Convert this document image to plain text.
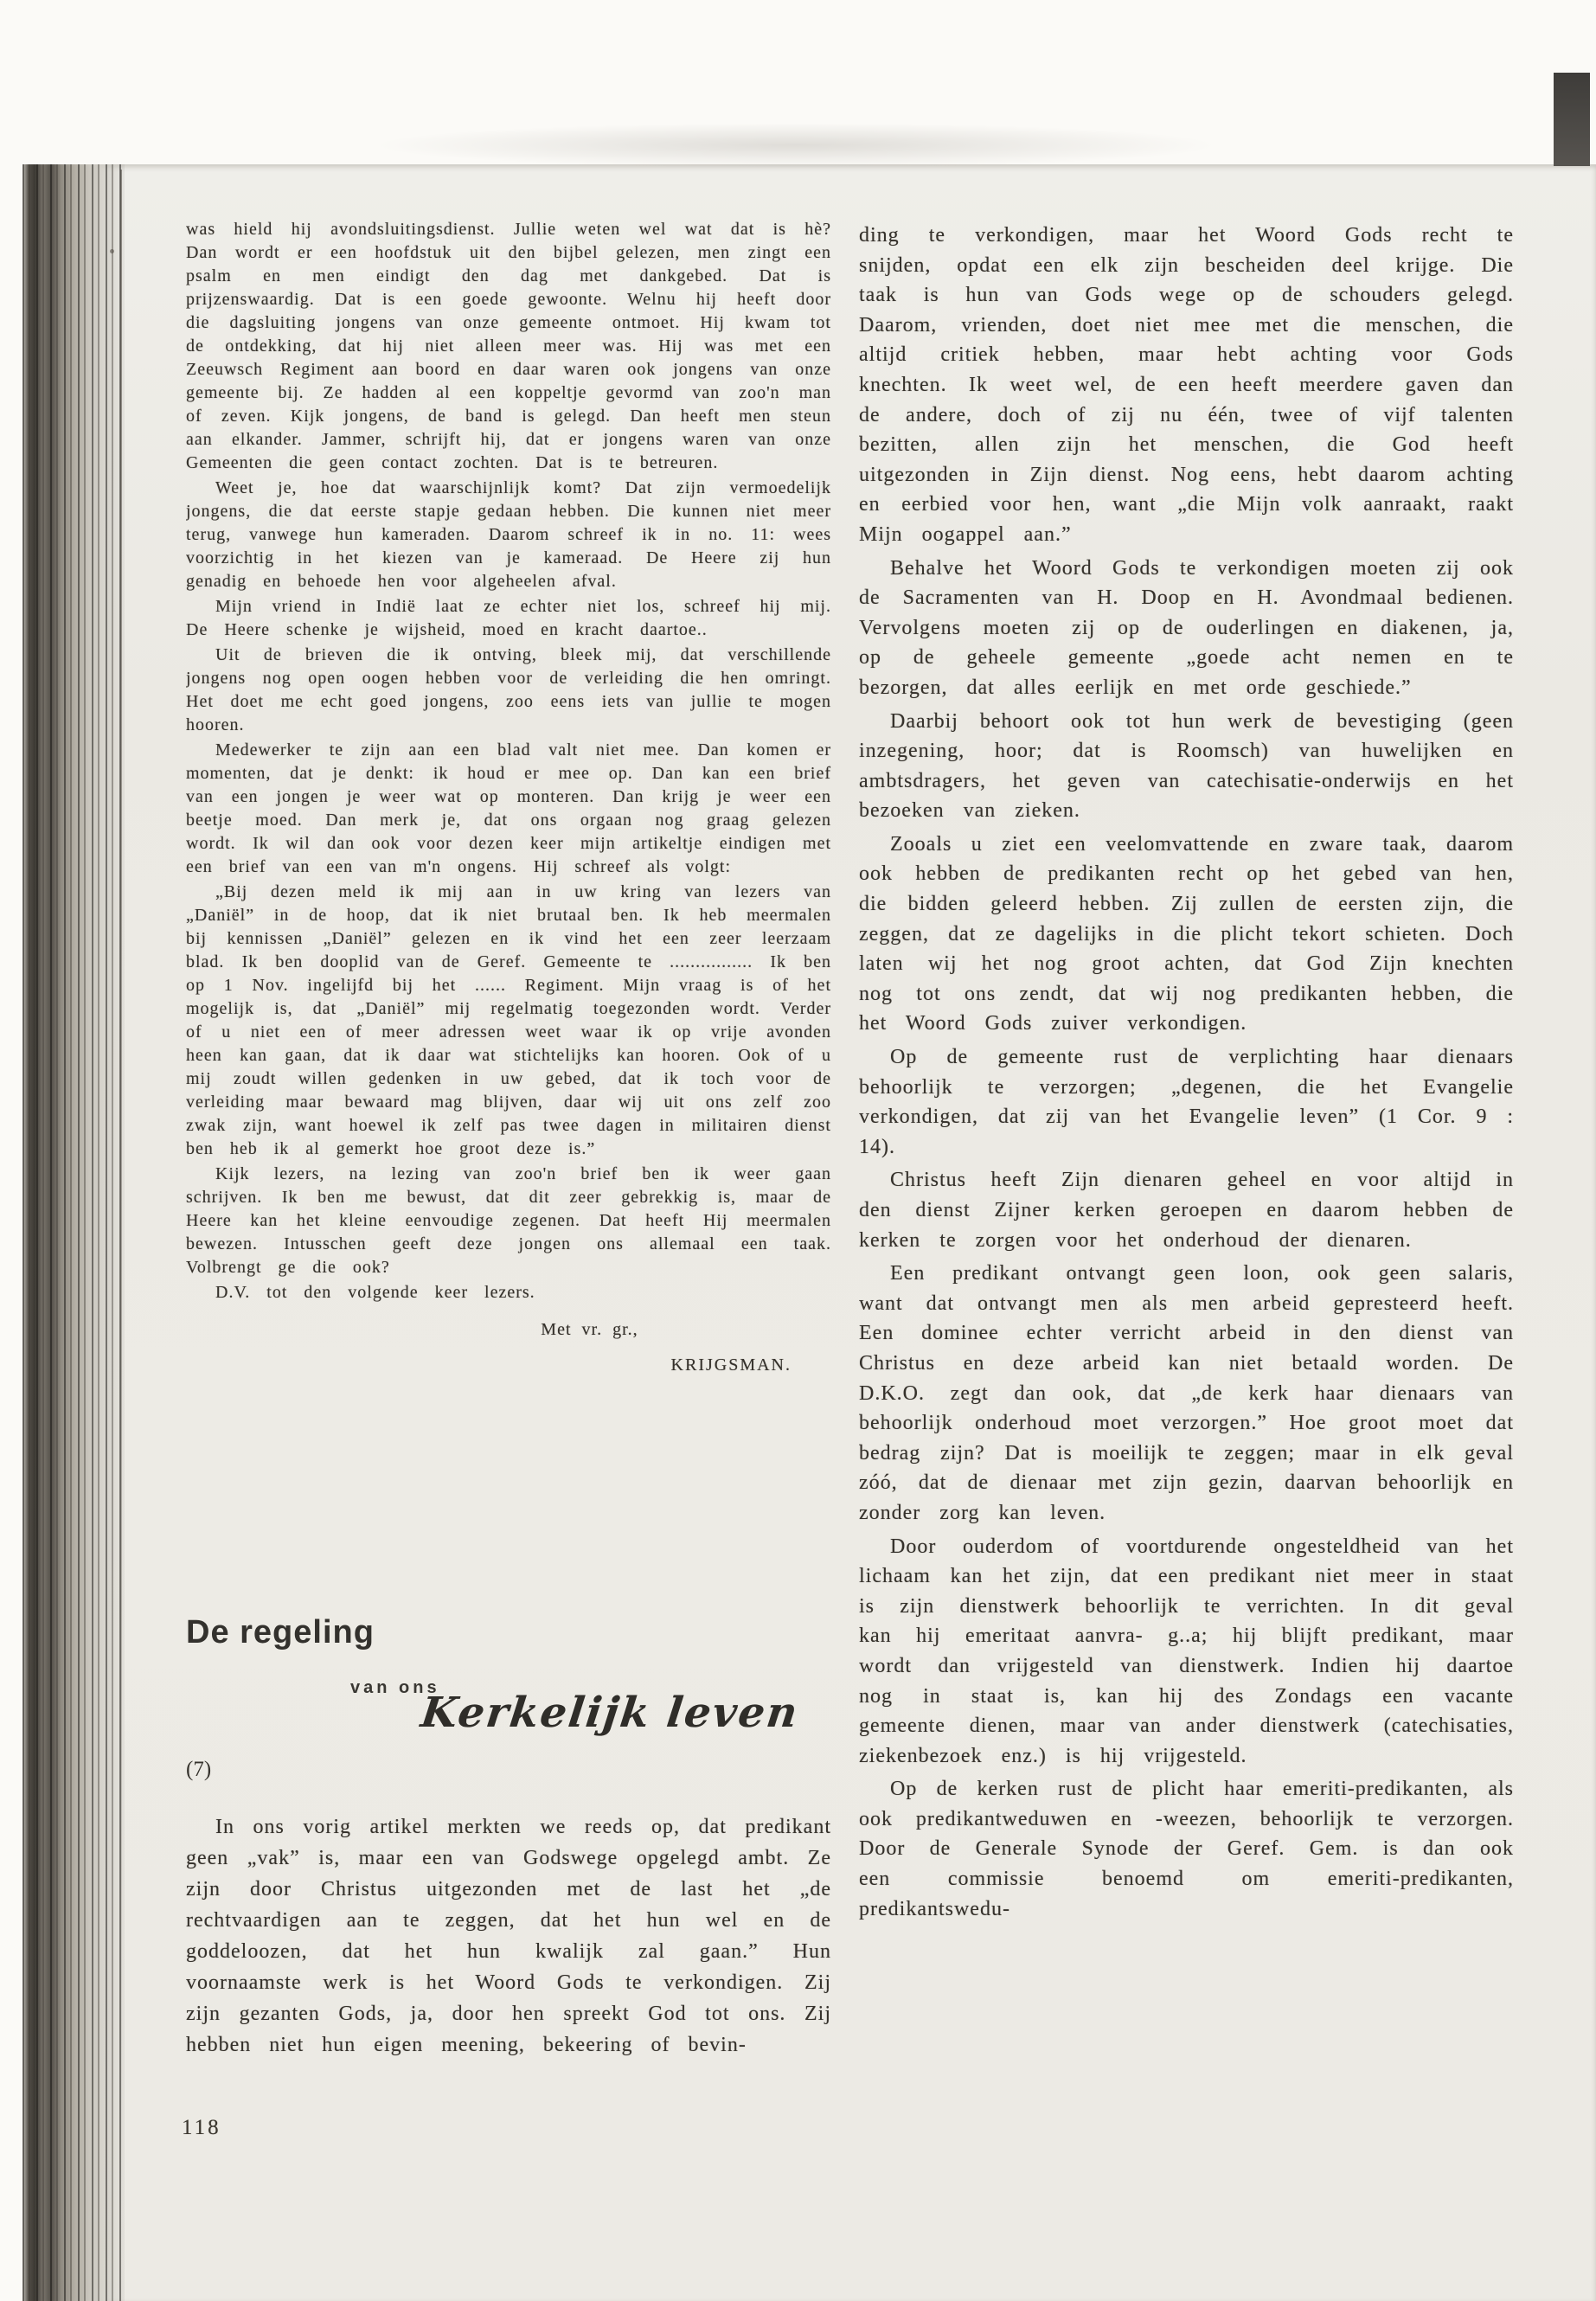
was hield hij avondsluitingsdienst. Jullie weten wel wat dat is hè? Dan wordt er een hoofdstuk uit den bijbel gelezen, men zingt een psalm en men eindigt den dag met dankgebed. Dat is prijzenswaardig. Dat is een goede gewoonte. Welnu hij heeft door die dagsluiting jongens van onze gemeente ontmoet. Hij kwam tot de ontdekking, dat hij niet alleen meer was. Hij was met een Zeeuwsch Regiment aan boord en daar waren ook jongens van onze gemeente bij. Ze hadden al een koppeltje gevormd van zoo'n man of zeven. Kijk jongens, de band is gelegd. Dan heeft men steun aan elkander. Jammer, schrijft hij, dat er jongens waren van onze Gemeenten die geen contact zochten. Dat is te betreuren.

Weet je, hoe dat waarschijnlijk komt? Dat zijn vermoedelijk jongens, die dat eerste stapje gedaan hebben. Die kunnen niet meer terug, vanwege hun kameraden. Daarom schreef ik in no. 11: wees voorzichtig in het kiezen van je kameraad. De Heere zij hun genadig en behoede hen voor algeheelen afval.

Mijn vriend in Indië laat ze echter niet los, schreef hij mij. De Heere schenke je wijsheid, moed en kracht daartoe..

Uit de brieven die ik ontving, bleek mij, dat verschillende jongens nog open oogen hebben voor de verleiding die hen omringt. Het doet me echt goed jongens, zoo eens iets van jullie te mogen hooren.

Medewerker te zijn aan een blad valt niet mee. Dan komen er momenten, dat je denkt: ik houd er mee op. Dan kan een brief van een jongen je weer wat op monteren. Dan krijg je weer een beetje moed. Dan merk je, dat ons orgaan nog graag gelezen wordt. Ik wil dan ook voor dezen keer mijn artikeltje eindigen met een brief van een van m'n ongens. Hij schreef als volgt:

„Bij dezen meld ik mij aan in uw kring van lezers van „Daniël” in de hoop, dat ik niet brutaal ben. Ik heb meermalen bij kennissen „Daniël” gelezen en ik vind het een zeer leerzaam blad. Ik ben dooplid van de Geref. Gemeente te ................ Ik ben op 1 Nov. ingelijfd bij het ...... Regiment. Mijn vraag is of het mogelijk is, dat „Daniël” mij regelmatig toegezonden wordt. Verder of u niet een of meer adressen weet waar ik op vrije avonden heen kan gaan, dat ik daar wat stichtelijks kan hooren. Ook of u mij zoudt willen gedenken in uw gebed, dat ik toch voor de verleiding maar bewaard mag blijven, daar wij uit ons zelf zoo zwak zijn, want hoewel ik zelf pas twee dagen in militairen dienst ben heb ik al gemerkt hoe groot deze is.”

Kijk lezers, na lezing van zoo'n brief ben ik weer gaan schrijven. Ik ben me bewust, dat dit zeer gebrekkig is, maar de Heere kan het kleine eenvoudige zegenen. Dat heeft Hij meermalen bewezen. Intusschen geeft deze jongen ons allemaal een taak. Volbrengt ge die ook?

D.V. tot den volgende keer lezers.

Met vr. gr.,

KRIJGSMAN.

De regeling
van ons
Kerkelijk leven
(7)

In ons vorig artikel merkten we reeds op, dat predikant geen „vak” is, maar een van Godswege opgelegd ambt. Ze zijn door Christus uitgezonden met de last het „de rechtvaardigen aan te zeggen, dat het hun wel en de goddeloozen, dat het hun kwalijk zal gaan.” Hun voornaamste werk is het Woord Gods te verkondigen. Zij zijn gezanten Gods, ja, door hen spreekt God tot ons. Zij hebben niet hun eigen meening, bekeering of bevin-

ding te verkondigen, maar het Woord Gods recht te snijden, opdat een elk zijn bescheiden deel krijge. Die taak is hun van Gods wege op de schouders gelegd. Daarom, vrienden, doet niet mee met die menschen, die altijd critiek hebben, maar hebt achting voor Gods knechten. Ik weet wel, de een heeft meerdere gaven dan de andere, doch of zij nu één, twee of vijf talenten bezitten, allen zijn het menschen, die God heeft uitgezonden in Zijn dienst. Nog eens, hebt daarom achting en eerbied voor hen, want „die Mijn volk aanraakt, raakt Mijn oogappel aan.”

Behalve het Woord Gods te verkondigen moeten zij ook de Sacramenten van H. Doop en H. Avondmaal bedienen. Vervolgens moeten zij op de ouderlingen en diakenen, ja, op de geheele gemeente „goede acht nemen en te bezorgen, dat alles eerlijk en met orde geschiede.”

Daarbij behoort ook tot hun werk de bevestiging (geen inzegening, hoor; dat is Roomsch) van huwelijken en ambtsdragers, het geven van catechisatie-onderwijs en het bezoeken van zieken.

Zooals u ziet een veelomvattende en zware taak, daarom ook hebben de predikanten recht op het gebed van hen, die bidden geleerd hebben. Zij zullen de eersten zijn, die zeggen, dat ze dagelijks in die plicht tekort schieten. Doch laten wij het nog groot achten, dat God Zijn knechten nog tot ons zendt, dat wij nog predikanten hebben, die het Woord Gods zuiver verkondigen.

Op de gemeente rust de verplichting haar dienaars behoorlijk te verzorgen; „degenen, die het Evangelie verkondigen, dat zij van het Evangelie leven” (1 Cor. 9 : 14).

Christus heeft Zijn dienaren geheel en voor altijd in den dienst Zijner kerken geroepen en daarom hebben de kerken te zorgen voor het onderhoud der dienaren.

Een predikant ontvangt geen loon, ook geen salaris, want dat ontvangt men als men arbeid gepresteerd heeft. Een dominee echter verricht arbeid in den dienst van Christus en deze arbeid kan niet betaald worden. De D.K.O. zegt dan ook, dat „de kerk haar dienaars van behoorlijk onderhoud moet verzorgen.” Hoe groot moet dat bedrag zijn? Dat is moeilijk te zeggen; maar in elk geval zóó, dat de dienaar met zijn gezin, daarvan behoorlijk en zonder zorg kan leven.

Door ouderdom of voortdurende ongesteldheid van het lichaam kan het zijn, dat een predikant niet meer in staat is zijn dienstwerk behoorlijk te verrichten. In dit geval kan hij emeritaat aanvra- g..a; hij blijft predikant, maar wordt dan vrijgesteld van dienstwerk. Indien hij daartoe nog in staat is, kan hij des Zondags een vacante gemeente dienen, maar van ander dienstwerk (catechisaties, ziekenbezoek enz.) is hij vrijgesteld.

Op de kerken rust de plicht haar emeriti-predikanten, als ook predikantweduwen en -weezen, behoorlijk te verzorgen. Door de Generale Synode der Geref. Gem. is dan ook een commissie benoemd om emeriti-predikanten, predikantswedu-

118
